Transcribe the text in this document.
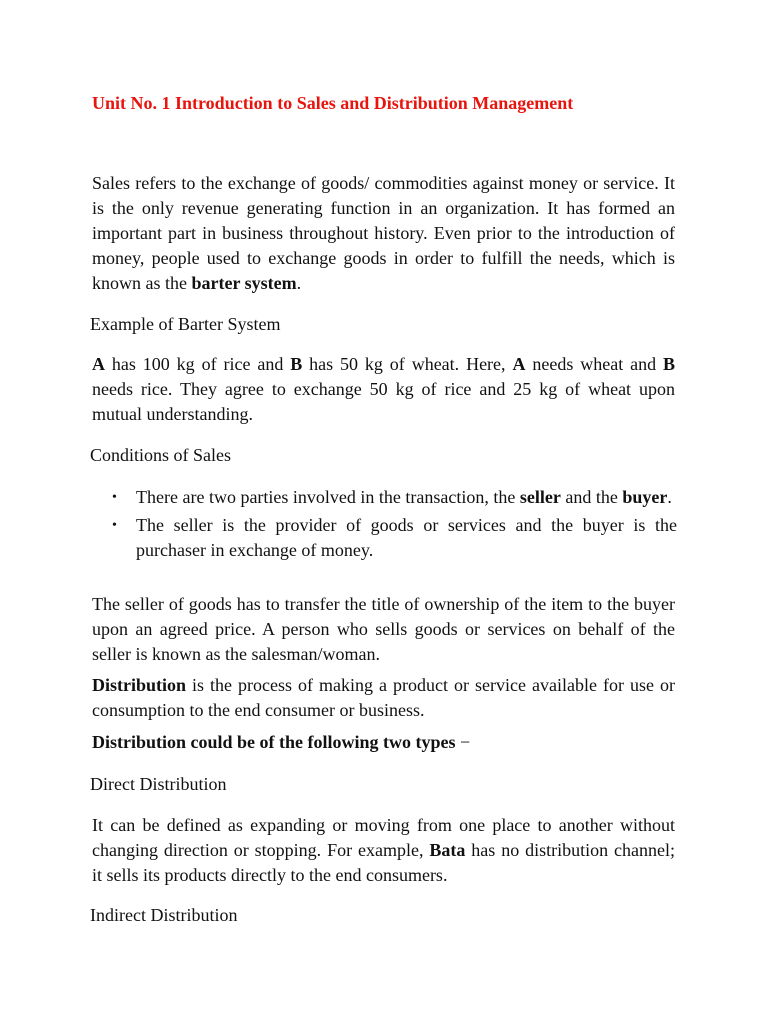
Unit No. 1 Introduction to Sales and Distribution Management

Sales refers to the exchange of goods/ commodities against money or service. It is the only revenue generating function in an organization. It has formed an important part in business throughout history. Even prior to the introduction of money, people used to exchange goods in order to fulfill the needs, which is known as the barter system.

Example of Barter System

A has 100 kg of rice and B has 50 kg of wheat. Here, A needs wheat and B needs rice. They agree to exchange 50 kg of rice and 25 kg of wheat upon mutual understanding.

Conditions of Sales
• There are two parties involved in the transaction, the seller and the buyer.
• The seller is the provider of goods or services and the buyer is the purchaser in exchange of money.

The seller of goods has to transfer the title of ownership of the item to the buyer upon an agreed price. A person who sells goods or services on behalf of the seller is known as the salesman/woman.

Distribution is the process of making a product or service available for use or consumption to the end consumer or business.

Distribution could be of the following two types −
Direct Distribution

It can be defined as expanding or moving from one place to another without changing direction or stopping. For example, Bata has no distribution channel; it sells its products directly to the end consumers.

Indirect Distribution
